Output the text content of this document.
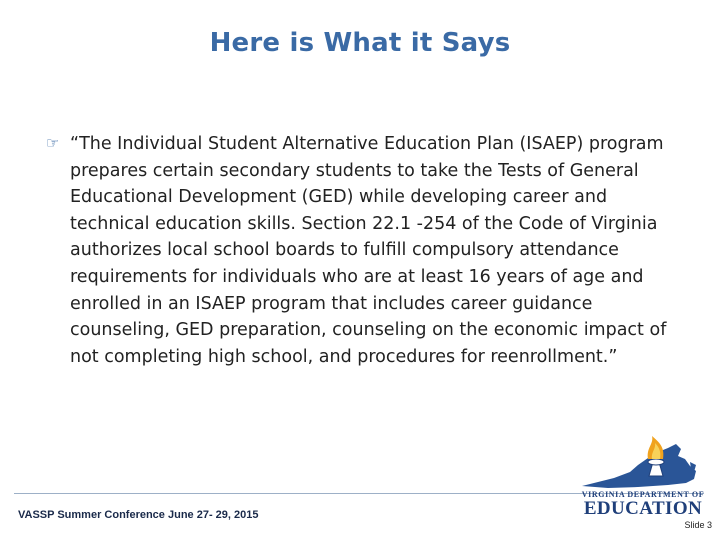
Here is What it Says
☞ “The Individual Student Alternative Education Plan (ISAEP) program prepares certain secondary students to take the Tests of General Educational Development (GED) while developing career and technical education skills. Section 22.1 -254 of the Code of Virginia authorizes local school boards to fulfill compulsory attendance requirements for individuals who are at least 16 years of age and enrolled in an ISAEP program that includes career guidance counseling, GED preparation, counseling on the economic impact of not completing high school, and procedures for reenrollment.”
VASSP Summer Conference June 27- 29, 2015
VIRGINIA DEPARTMENT OF
EDUCATION
Slide 3
